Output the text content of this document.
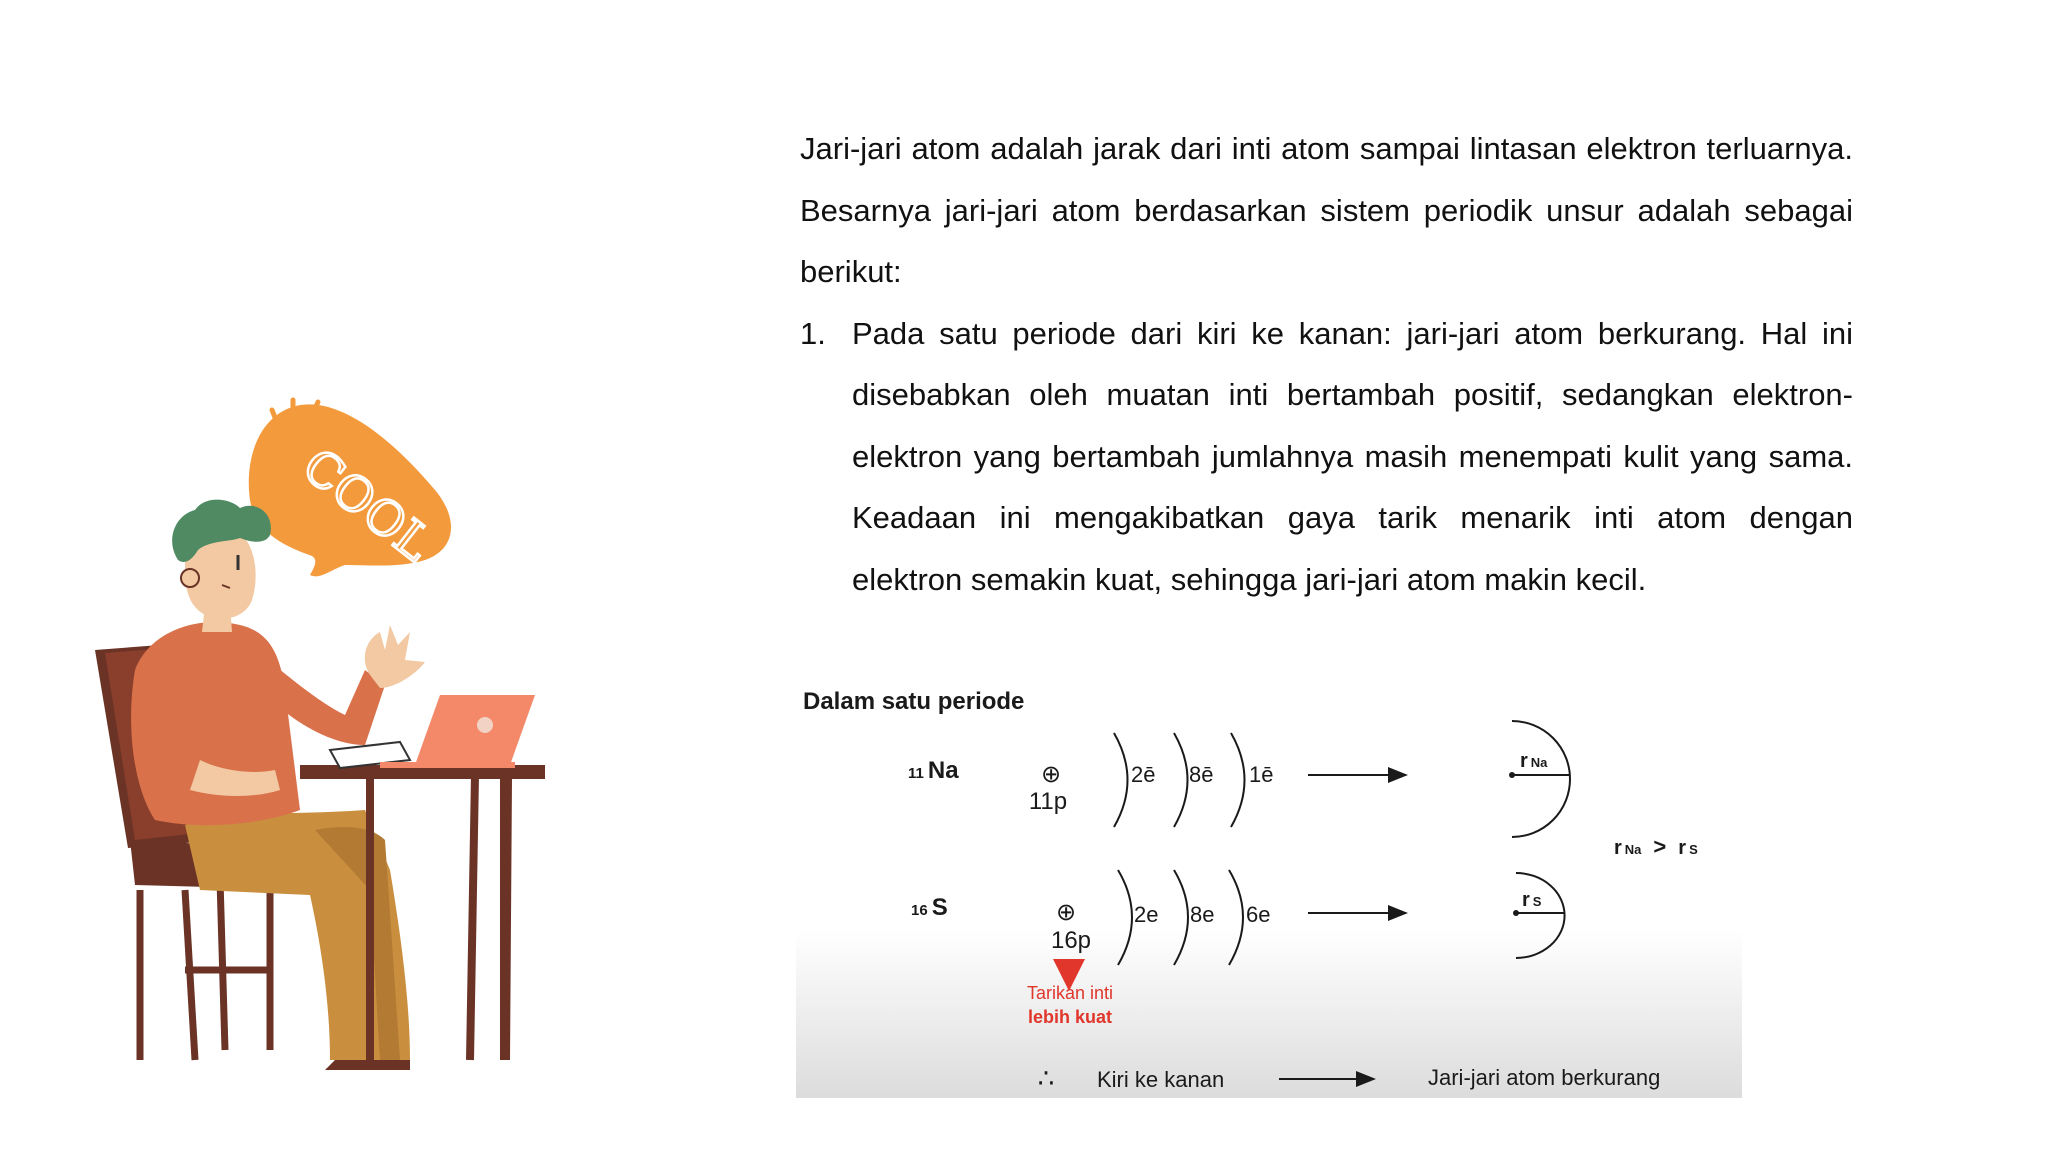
COOL

Jari-jari atom adalah jarak dari inti atom sampai lintasan elektron terluarnya. Besarnya jari-jari atom berdasarkan sistem periodik unsur adalah sebagai berikut:

1. Pada satu periode dari kiri ke kanan: jari-jari atom berkurang. Hal ini disebabkan oleh muatan inti bertambah positif, sedangkan elektron-elektron yang bertambah jumlahnya masih menempati kulit yang sama. Keadaan ini mengakibatkan gaya tarik menarik inti atom dengan elektron semakin kuat, sehingga jari-jari atom makin kecil.
Dalam satu periode
11 Na	⊕
11p
2ē 8ē 1ē
r Na
16 S	⊕
16p
2e 8e 6e
r S
r Na > r S
Tarikan inti
lebih kuat
∴ Kiri ke kanan	Jari-jari atom berkurang
